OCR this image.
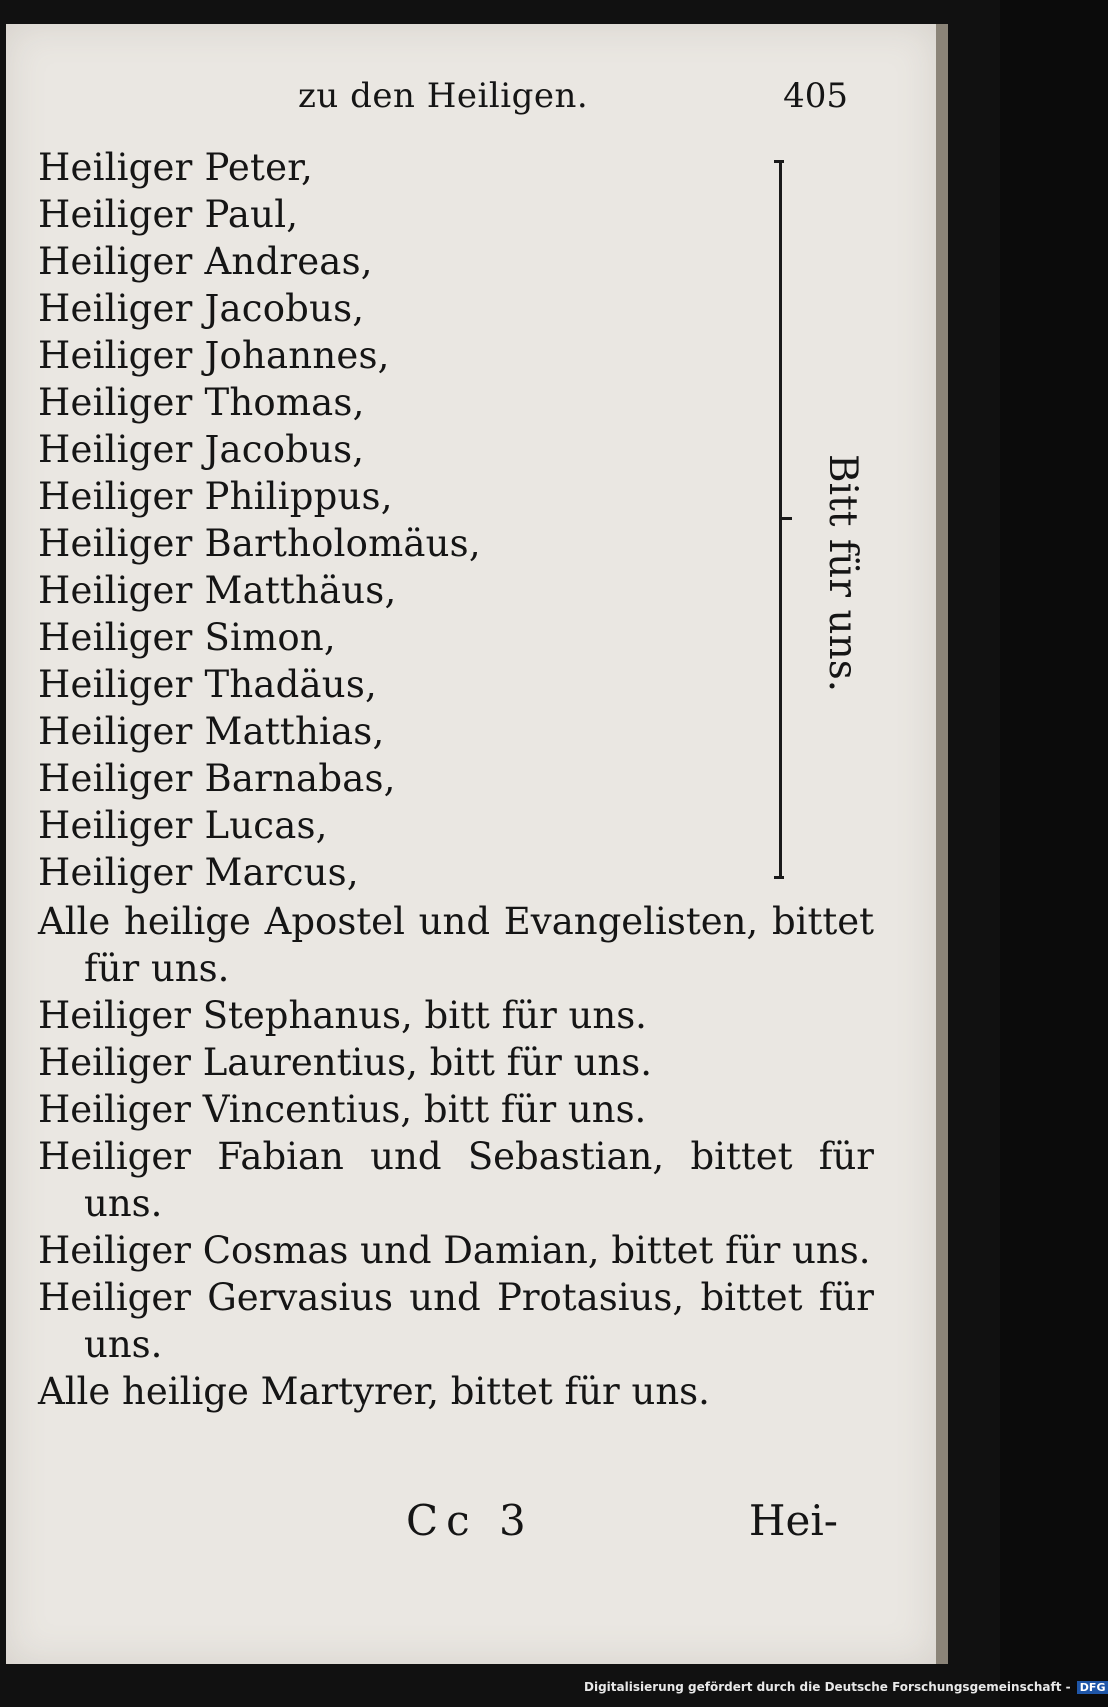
zu den Heiligen.	405
Heiliger Peter,
Heiliger Paul,
Heiliger Andreas,
Heiliger Jacobus,
Heiliger Johannes,
Heiliger Thomas,
Heiliger Jacobus,
Heiliger Philippus,
Heiliger Bartholomäus,
Heiliger Matthäus,
Heiliger Simon,
Heiliger Thadäus,
Heiliger Matthias,
Heiliger Barnabas,
Heiliger Lucas,
Heiliger Marcus,
Bitt für uns.
Alle heilige Apostel und Evangelisten, bittet für uns.
Heiliger Stephanus, bitt für uns.
Heiliger Laurentius, bitt für uns.
Heiliger Vincentius, bitt für uns.
Heiliger Fabian und Sebastian, bittet für uns.
Heiliger Cosmas und Damian, bittet für uns.
Heiliger Gervasius und Protasius, bittet für uns.
Alle heilige Martyrer, bittet für uns.
Cc 3	Hei-
Digitalisierung gefördert durch die Deutsche Forschungsgemeinschaft - DFG
